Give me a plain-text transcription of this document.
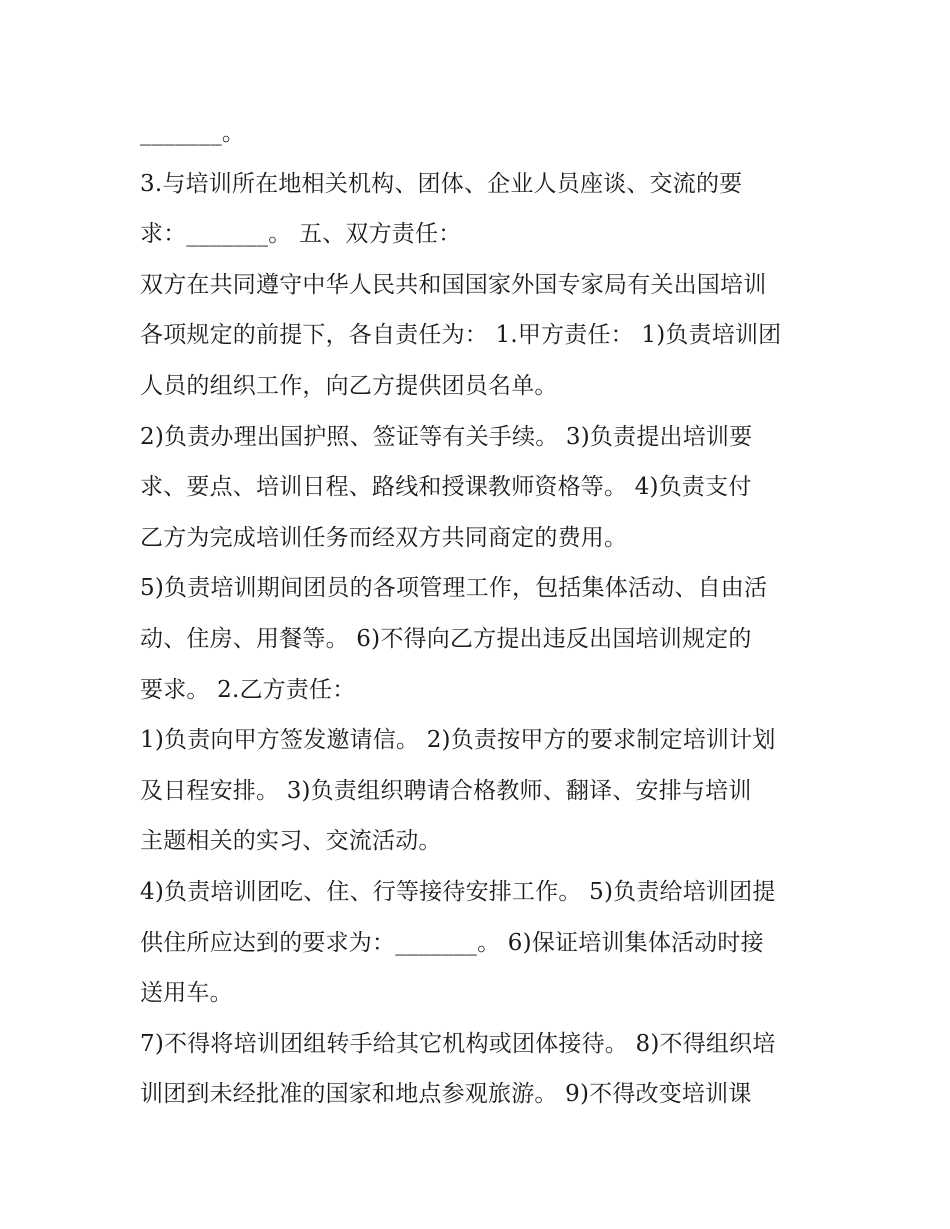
_______。
3.与培训所在地相关机构、团体、企业人员座谈、交流的要
求：_______。 五、双方责任：
双方在共同遵守中华人民共和国国家外国专家局有关出国培训
各项规定的前提下，各自责任为： 1.甲方责任： 1)负责培训团
人员的组织工作，向乙方提供团员名单。
2)负责办理出国护照、签证等有关手续。 3)负责提出培训要
求、要点、培训日程、路线和授课教师资格等。 4)负责支付
乙方为完成培训任务而经双方共同商定的费用。
5)负责培训期间团员的各项管理工作，包括集体活动、自由活
动、住房、用餐等。 6)不得向乙方提出违反出国培训规定的
要求。 2.乙方责任：
1)负责向甲方签发邀请信。 2)负责按甲方的要求制定培训计划
及日程安排。 3)负责组织聘请合格教师、翻译、安排与培训
主题相关的实习、交流活动。
4)负责培训团吃、住、行等接待安排工作。 5)负责给培训团提
供住所应达到的要求为：_______。 6)保证培训集体活动时接
送用车。
7)不得将培训团组转手给其它机构或团体接待。 8)不得组织培
训团到未经批准的国家和地点参观旅游。 9)不得改变培训课
